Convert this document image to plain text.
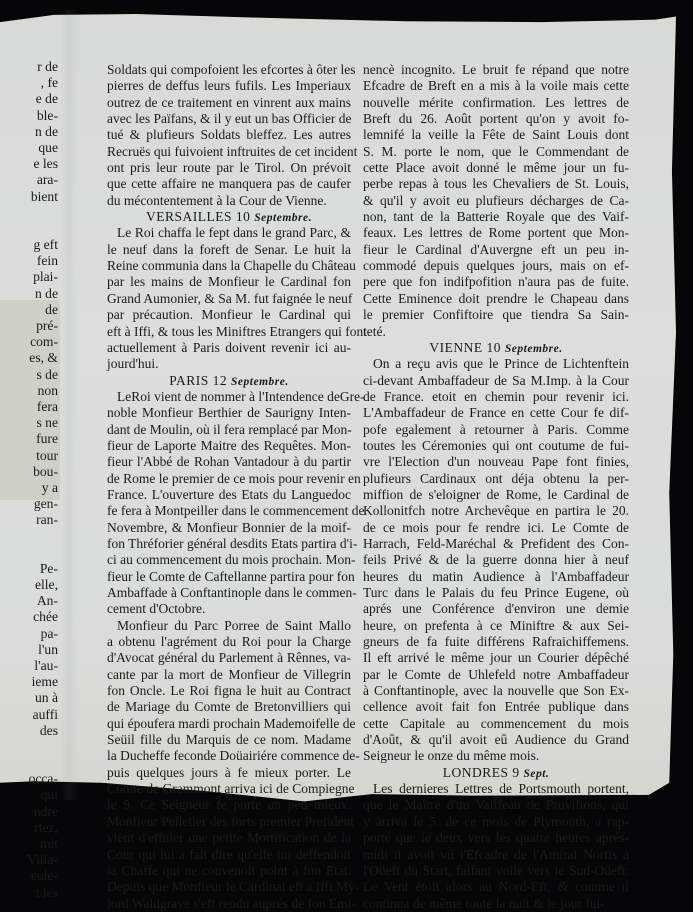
r de
, fe
e de
ble-
n de
que
e les
ara-
bient
g eft
fein
plai-
n de
de
pré-
com-
es, &
s de
non
fera
s ne
fure
tour
bou-
y a
gen-
ran-
Pe-
elle,
An-
chée
pa-
l'un
l'au-
ieme
un à
auffi
des
occa-
qui
ndre
rtez,
mit
Villa-
eule-
t les
Soldats qui compofoient les efcortes à ôter les
pierres de deffus leurs fufils. Les Imperiaux
outrez de ce traitement en vinrent aux mains
avec les Païfans, & il y eut un bas Officier de
tué & plufieurs Soldats bleffez. Les autres
Recruës qui fuivoient inftruites de cet incident
ont pris leur route par le Tirol. On prévoit
que cette affaire ne manquera pas de caufer
du mécontentement à la Cour de Vienne.
VERSAILLES 10 Septembre.
Le Roi chaffa le fept dans le grand Parc, &
le neuf dans la foreft de Senar. Le huit la
Reine communia dans la Chapelle du Château
par les mains de Monfieur le Cardinal fon
Grand Aumonier, & Sa M. fut faignée le neuf
par précaution. Monfieur le Cardinal qui
eft à Iffi, & tous les Miniftres Etrangers qui font
actuellement à Paris doivent revenir ici au-
jourd'hui.
PARIS 12 Septembre.
LeRoi vient de nommer à l'Intendence deGre-
noble Monfieur Berthier de Saurigny Inten-
dant de Moulin, où il fera remplacé par Mon-
fieur de Laporte Maitre des Requêtes. Mon-
fieur l'Abbé de Rohan Vantadour à du partir
de Rome le premier de ce mois pour revenir en
France. L'ouverture des Etats du Languedoc
fe fera à Montpeiller dans le commencement de
Novembre, & Monfieur Bonnier de la moif-
fon Thréforier général desdits Etats partira d'i-
ci au commencement du mois prochain. Mon-
fieur le Comte de Caftellanne partira pour fon
Ambaffade à Conftantinople dans le commen-
cement d'Octobre.
Monfieur du Parc Porree de Saint Mallo
a obtenu l'agrément du Roi pour la Charge
d'Avocat général du Parlement à Rênnes, va-
cante par la mort de Monfieur de Villegrin
fon Oncle. Le Roi figna le huit au Contract
de Mariage du Comte de Bretonvilliers qui
qui époufera mardi prochain Mademoifelle de
Seüil fille du Marquis de ce nom. Madame
la Ducheffe feconde Doüairiére commence de-
puis quelques jours à fe mieux porter. Le
Comte de Grammont arriva ici de Compiegne
le 9. Ce Seigneur fe porte un peu mieux.
Monfieur Pelletier des forts premier Prefident
vient d'effuier une petite Mortification de la
Cour qui lui a fait dire qu'elle lui deffendoit
la Chaffe qui ne couvenoit point à fon Etat.
Depuis que Monfieur le Cardinal eft a Iffi.My-
lord Waldgrave s'eft rendu auprés de fon Emi-
nencè incognito. Le bruit fe répand que notre
Efcadre de Breft en a mis à la voile mais cette
nouvelle mérite confirmation. Les lettres de
Breft du 26. Août portent qu'on y avoit fo-
lemnifé la veille la Fête de Saint Louis dont
S. M. porte le nom, que le Commendant de
cette Place avoit donné le même jour un fu-
perbe repas à tous les Chevaliers de St. Louis,
& qu'il y avoit eu plufieurs décharges de Ca-
non, tant de la Batterie Royale que des Vaif-
feaux. Les lettres de Rome portent que Mon-
fieur le Cardinal d'Auvergne eft un peu in-
commodé depuis quelques jours, mais on ef-
pere que fon indifpofition n'aura pas de fuite.
Cette Eminence doit prendre le Chapeau dans
le premier Confiftoire que tiendra Sa Sain-
teté.
VIENNE 10 Septembre.
On a reçu avis que le Prince de Lichtenftein
ci-devant Ambaffadeur de Sa M.Imp. à la Cour
de France. etoit en chemin pour revenir ici.
L'Ambaffadeur de France en cette Cour fe dif-
pofe egalement à retourner à Paris. Comme
toutes les Céremonies qui ont coutume de fui-
vre l'Election d'un nouveau Pape font finies,
plufieurs Cardinaux ont déja obtenu la per-
miffion de s'eloigner de Rome, le Cardinal de
Kollonitfch notre Archevêque en partira le 20.
de ce mois pour fe rendre ici. Le Comte de
Harrach, Feld-Maréchal & Prefident des Con-
feils Privé & de la guerre donna hier à neuf
heures du matin Audience à l'Ambaffadeur
Turc dans le Palais du feu Prince Eugene, où
aprés une Conférence d'environ une demie
heure, on prefenta à ce Miniftre & aux Sei-
gneurs de fa fuite différens Rafraichiffemens.
Il eft arrivé le même jour un Courier dépêché
par le Comte de Uhlefeld notre Ambaffadeur
à Conftantinople, avec la nouvelle que Son Ex-
cellence avoit fait fon Entrée publique dans
cette Capitale au commencement du mois
d'Août, & qu'il avoit eû Audience du Grand
Seigneur le onze du même mois.
LONDRES 9 Sept.
Les dernieres Lettres de Portsmouth portent,
que le Maître d'un Vaiffeau de Provifions, qui
y arriva le 5. de ce mois de Plymouth, a rap-
porté que le deux vers les quatre heures aprés-
midi il avoit vû l'Efcadre de l'Amiral Nortis à
l'Oüeft du Start, faifant voile vers le Sud-Oüeft:
Le Vent étoit alors au Nord-Eft, & comme il
continua de même toute la nuit & le jour fui-
